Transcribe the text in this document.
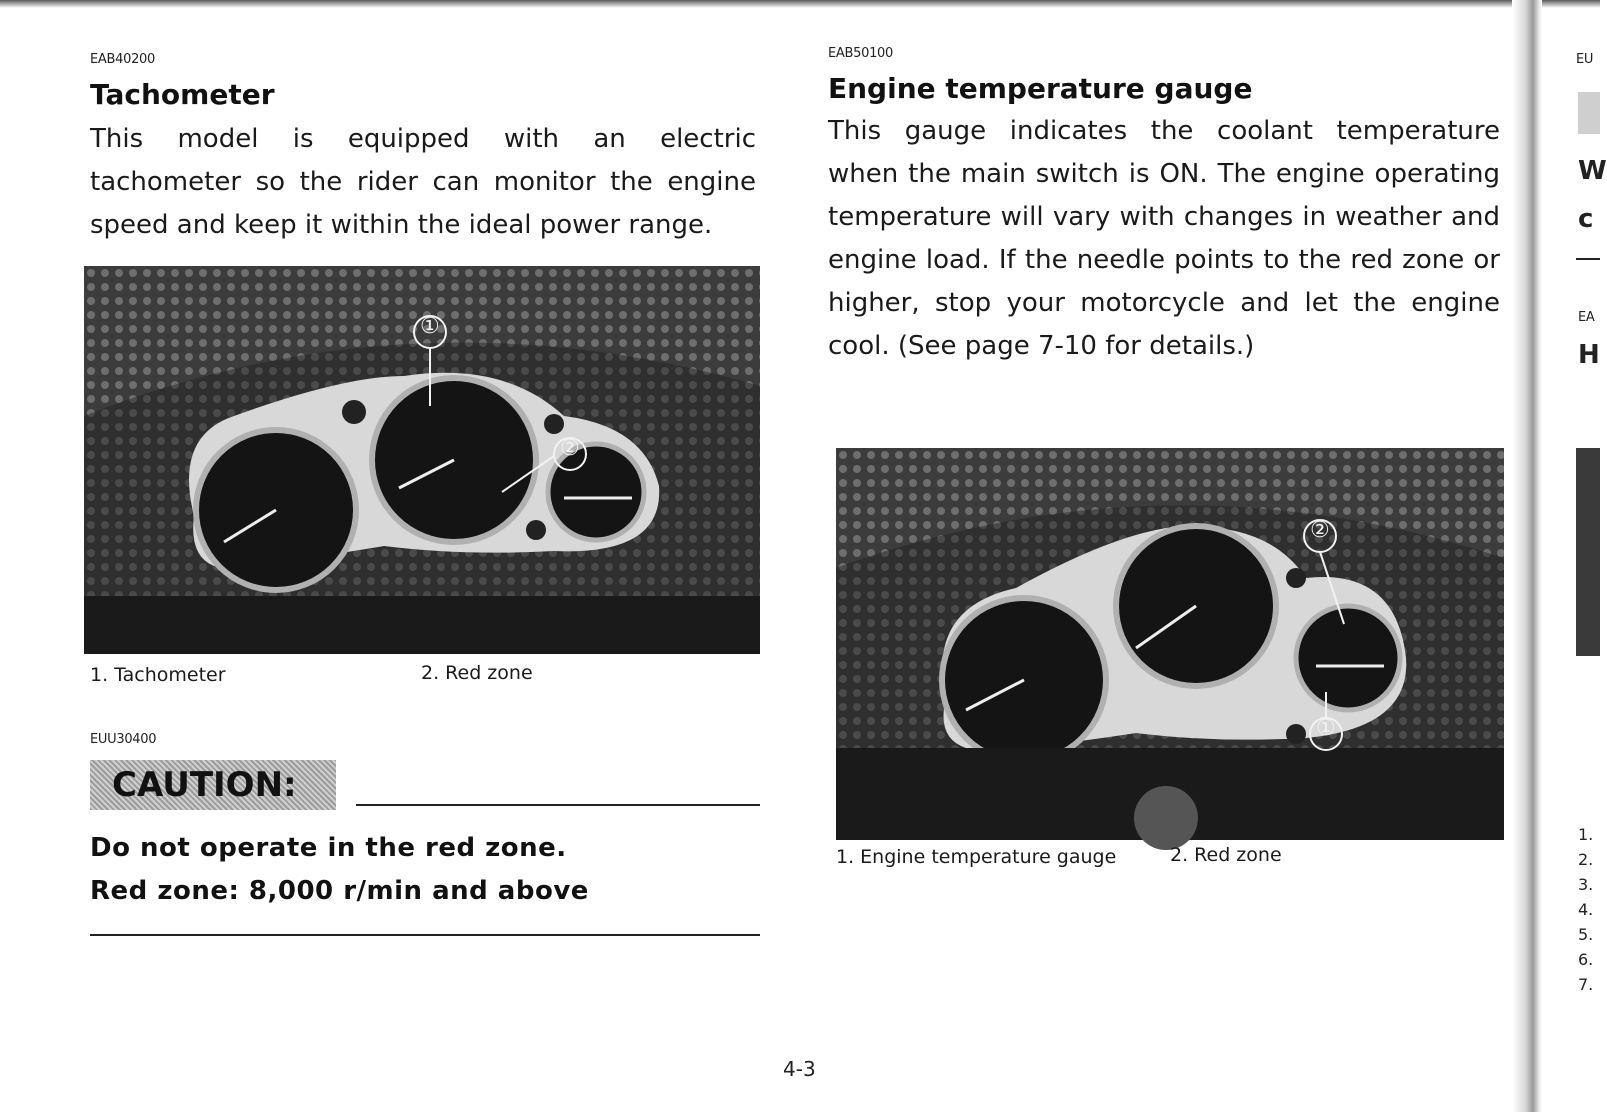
EAB40200
Tachometer
This model is equipped with an electric tachometer so the rider can monitor the engine speed and keep it within the ideal power range.
①
②
1. Tachometer	2. Red zone
EUU30400
CAUTION:
Do not operate in the red zone.
Red zone: 8,000 r/min and above
EAB50100
Engine temperature gauge
This gauge indicates the coolant temperature when the main switch is ON. The engine operating temperature will vary with changes in weather and engine load. If the needle points to the red zone or higher, stop your motorcycle and let the engine cool. (See page 7-10 for details.)
②
①
1. Engine temperature gauge	2. Red zone
4-3
EU
W
c
EA
H
1.
2.
3.
4.
5.
6.
7.
